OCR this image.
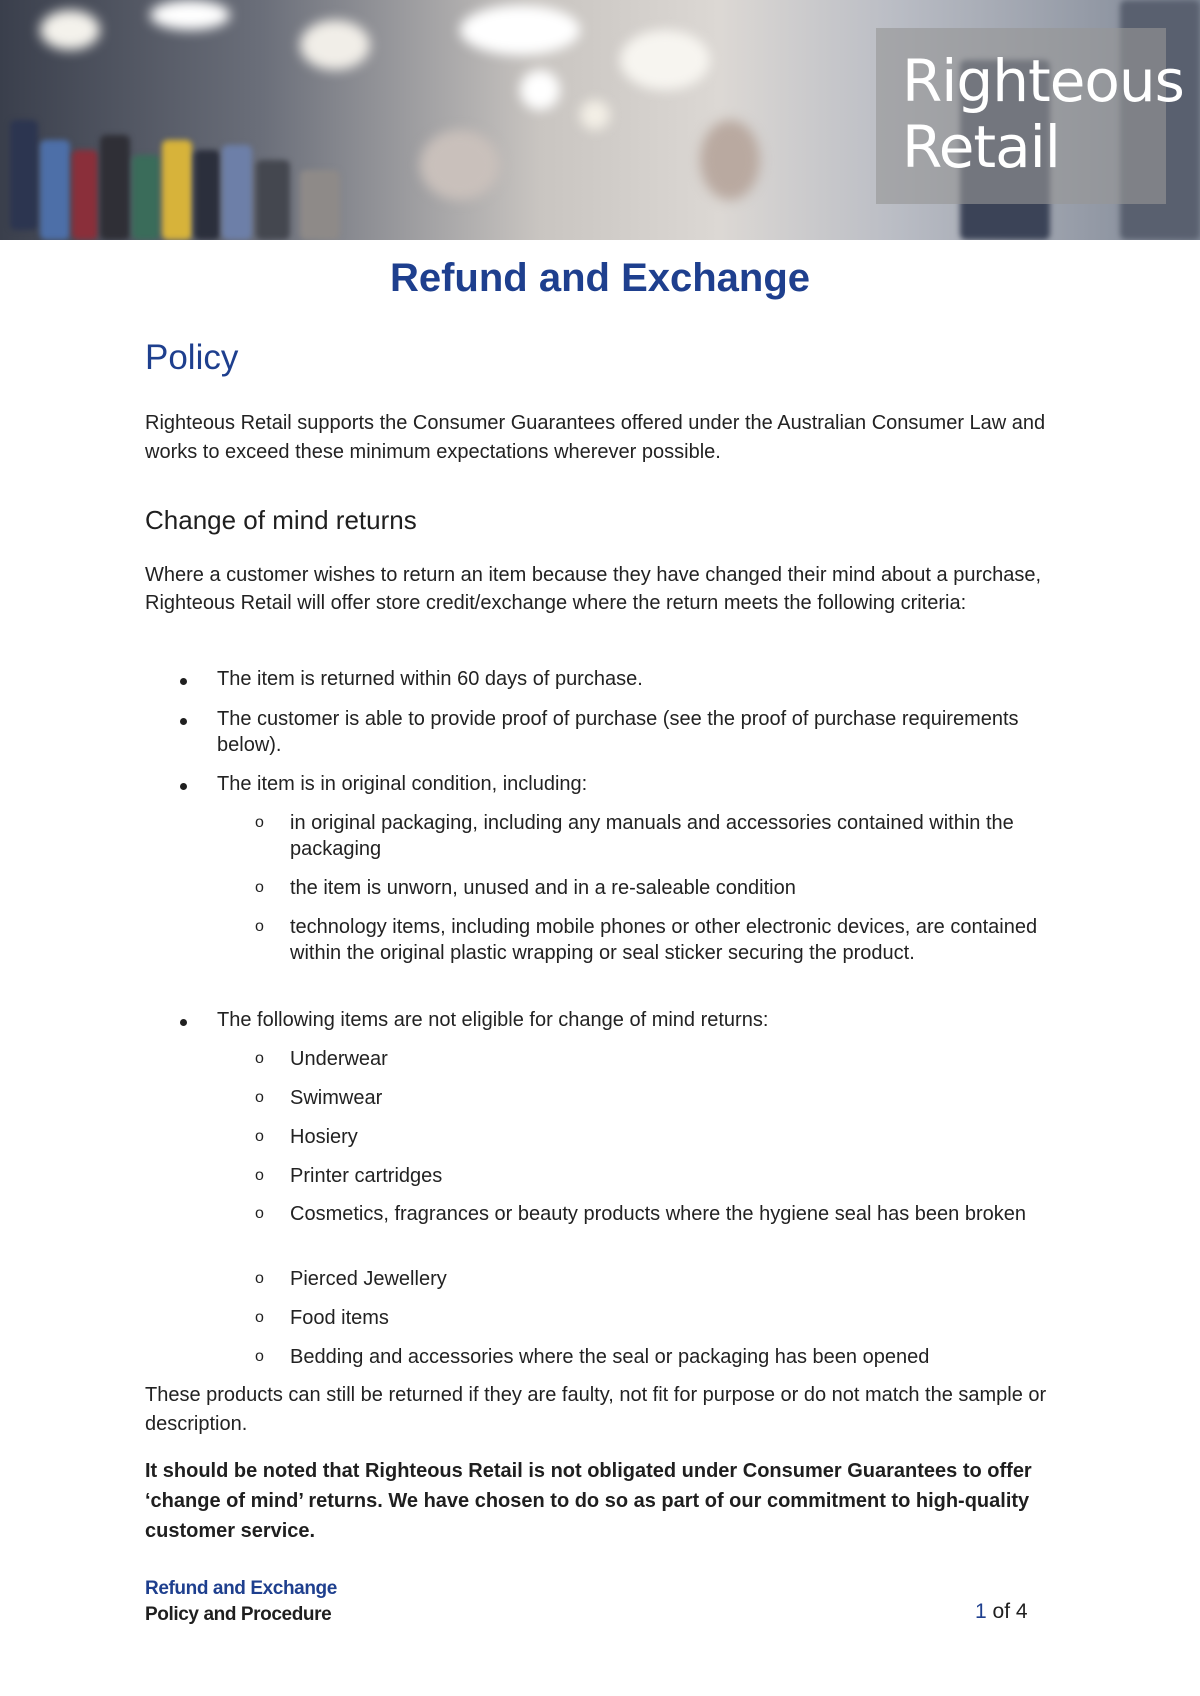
Righteous
Retail
Refund and Exchange
Policy
Righteous Retail supports the Consumer Guarantees offered under the Australian Consumer Law and works to exceed these minimum expectations wherever possible.
Change of mind returns
Where a customer wishes to return an item because they have changed their mind about a purchase, Righteous Retail will offer store credit/exchange where the return meets the following criteria:
The item is returned within 60 days of purchase.
The customer is able to provide proof of purchase (see the proof of purchase requirements below).
The item is in original condition, including:
o	in original packaging, including any manuals and accessories contained within the packaging
o	the item is unworn, unused and in a re-saleable condition
o	technology items, including mobile phones or other electronic devices, are contained within the original plastic wrapping or seal sticker securing the product.
The following items are not eligible for change of mind returns:
o	Underwear
o	Swimwear
o	Hosiery
o	Printer cartridges
o	Cosmetics, fragrances or beauty products where the hygiene seal has been broken
o	Pierced Jewellery
o	Food items
o	Bedding and accessories where the seal or packaging has been opened
These products can still be returned if they are faulty, not fit for purpose or do not match the sample or description.
It should be noted that Righteous Retail is not obligated under Consumer Guarantees to offer ‘change of mind’ returns. We have chosen to do so as part of our commitment to high-quality customer service.
Refund and Exchange
Policy and Procedure	1 of 4
